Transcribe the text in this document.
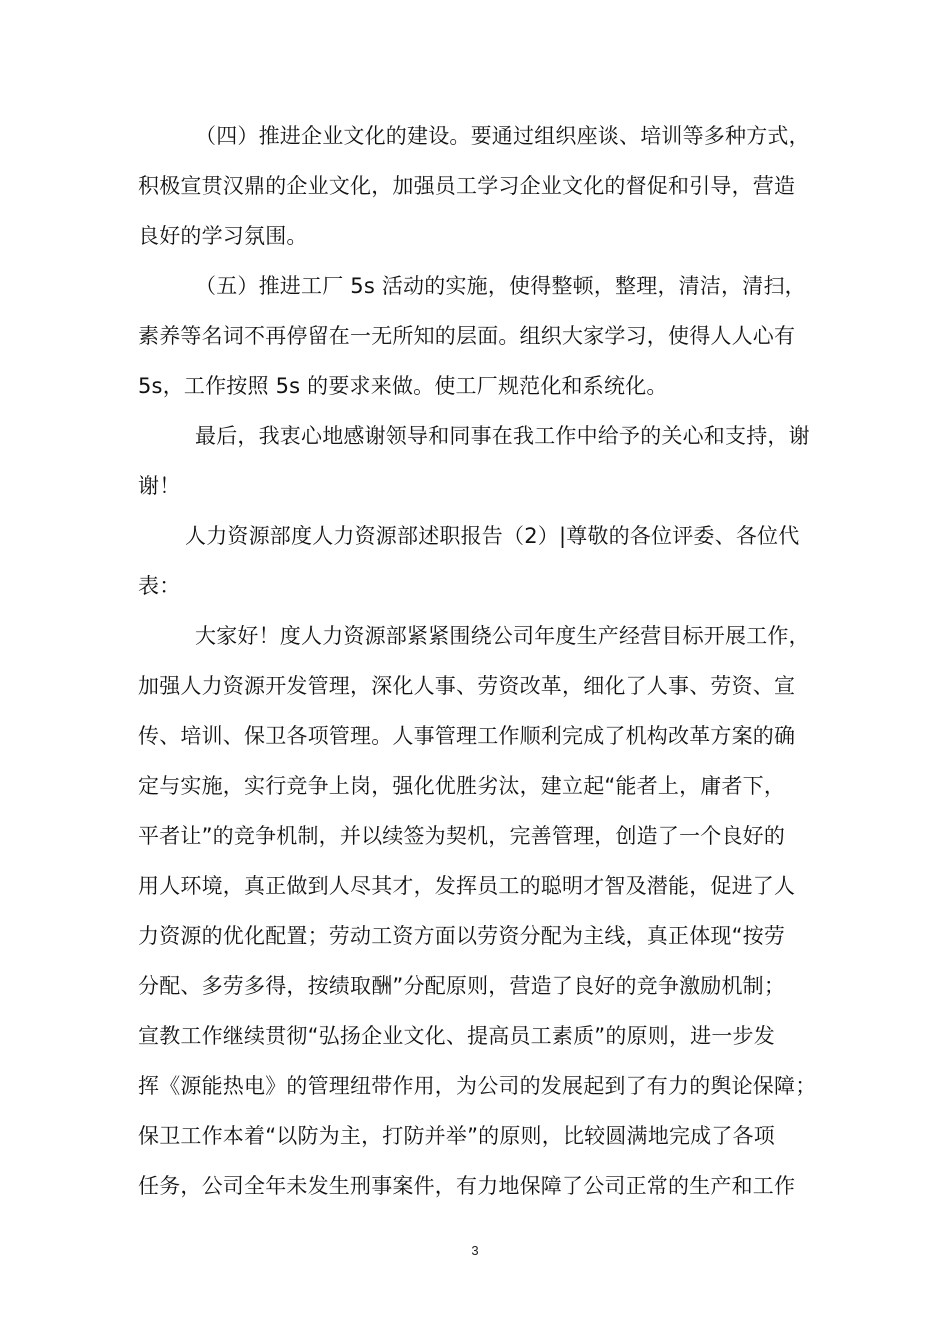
（四）推进企业文化的建设。要通过组织座谈、培训等多种方式，
积极宣贯汉鼎的企业文化，加强员工学习企业文化的督促和引导，营造
良好的学习氛围。
（五）推进工厂 5s 活动的实施，使得整顿，整理，清洁，清扫，
素养等名词不再停留在一无所知的层面。组织大家学习，使得人人心有
5s，工作按照 5s 的要求来做。使工厂规范化和系统化。
最后，我衷心地感谢领导和同事在我工作中给予的关心和支持，谢
谢！
人力资源部度人力资源部述职报告（2）|尊敬的各位评委、各位代
表：
大家好！度人力资源部紧紧围绕公司年度生产经营目标开展工作，
加强人力资源开发管理，深化人事、劳资改革，细化了人事、劳资、宣
传、培训、保卫各项管理。人事管理工作顺利完成了机构改革方案的确
定与实施，实行竞争上岗，强化优胜劣汰，建立起“能者上，庸者下，
平者让”的竞争机制，并以续签为契机，完善管理，创造了一个良好的
用人环境，真正做到人尽其才，发挥员工的聪明才智及潜能，促进了人
力资源的优化配置；劳动工资方面以劳资分配为主线，真正体现“按劳
分配、多劳多得，按绩取酬”分配原则，营造了良好的竞争激励机制；
宣教工作继续贯彻“弘扬企业文化、提高员工素质”的原则，进一步发
挥《源能热电》的管理纽带作用，为公司的发展起到了有力的舆论保障；
保卫工作本着“以防为主，打防并举”的原则，比较圆满地完成了各项
任务，公司全年未发生刑事案件，有力地保障了公司正常的生产和工作
3
